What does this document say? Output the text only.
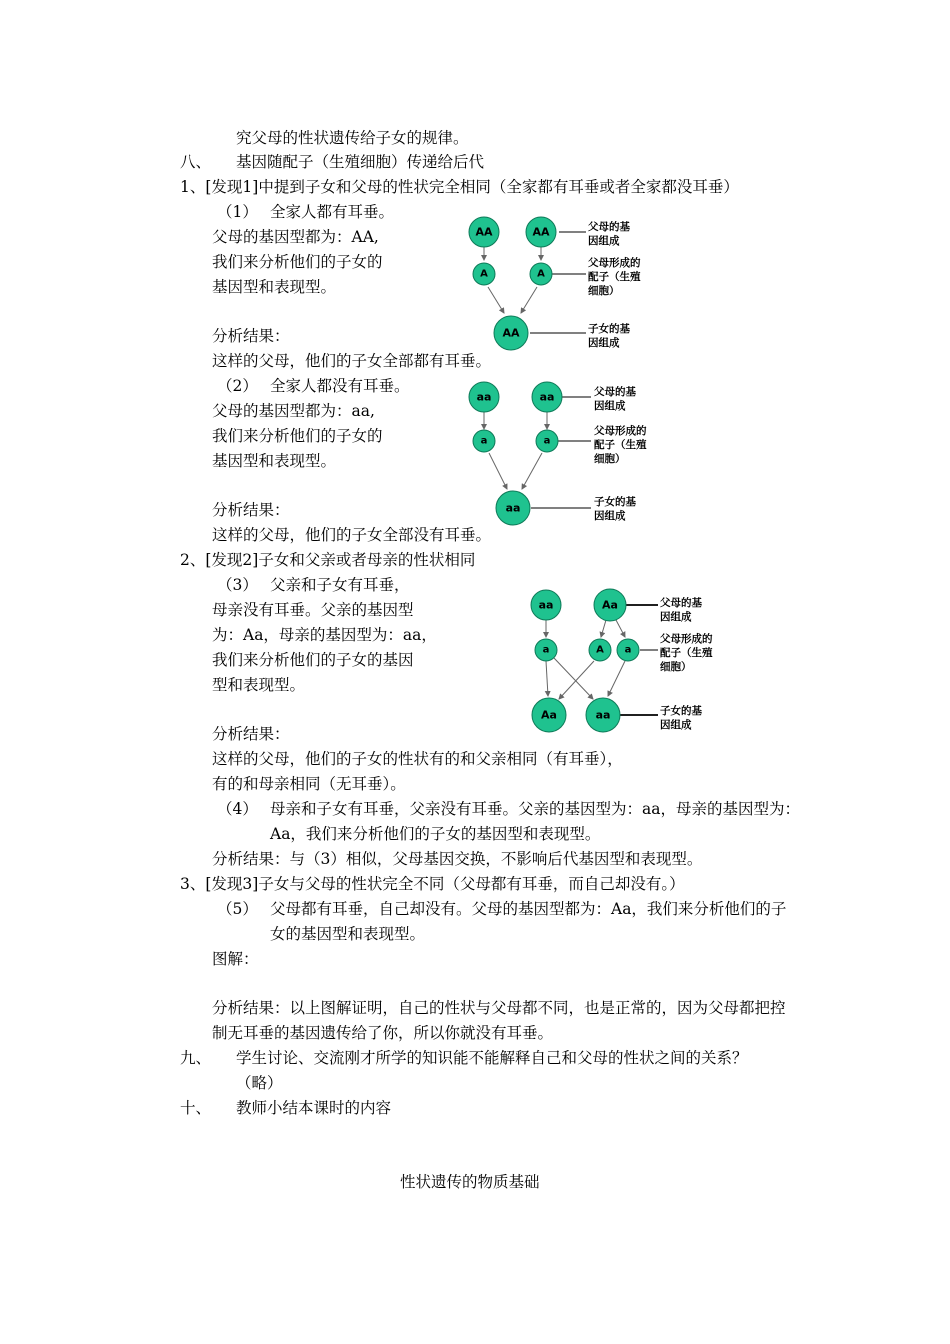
究父母的性状遗传给子女的规律。
八、 基因随配子（生殖细胞）传递给后代
1、[发现1]中提到子女和父母的性状完全相同（全家都有耳垂或者全家都没耳垂）
（1） 全家人都有耳垂。
父母的基因型都为：AA,
我们来分析他们的子女的
基因型和表现型。
分析结果：
这样的父母，他们的子女全部都有耳垂。
（2） 全家人都没有耳垂。
父母的基因型都为：aa,
我们来分析他们的子女的
基因型和表现型。
分析结果：
这样的父母，他们的子女全部没有耳垂。
2、[发现2]子女和父亲或者母亲的性状相同
（3） 父亲和子女有耳垂，
母亲没有耳垂。父亲的基因型
为：Aa，母亲的基因型为：aa，
我们来分析他们的子女的基因
型和表现型。
分析结果：
这样的父母，他们的子女的性状有的和父亲相同（有耳垂），
有的和母亲相同（无耳垂）。
（4） 母亲和子女有耳垂，父亲没有耳垂。父亲的基因型为：aa，母亲的基因型为：
Aa，我们来分析他们的子女的基因型和表现型。
分析结果：与（3）相似，父母基因交换，不影响后代基因型和表现型。
3、[发现3]子女与父母的性状完全不同（父母都有耳垂，而自己却没有。）
（5） 父母都有耳垂，自己却没有。父母的基因型都为：Aa，我们来分析他们的子
女的基因型和表现型。
图解：
分析结果：以上图解证明，自己的性状与父母都不同，也是正常的，因为父母都把控
制无耳垂的基因遗传给了你，所以你就没有耳垂。
九、 学生讨论、交流刚才所学的知识能不能解释自己和父母的性状之间的关系？
（略）
十、 教师小结本课时的内容
性状遗传的物质基础
AA	AA
A	A
AA
父母的基
因组成
父母形成的
配子（生殖
细胞）
子女的基
因组成
aa	aa
a	a
aa
父母的基
因组成
父母形成的
配子（生殖
细胞）
子女的基
因组成
aa	Aa
a	A a
Aa	aa
父母的基
因组成
父母形成的
配子（生殖
细胞）
子女的基
因组成
